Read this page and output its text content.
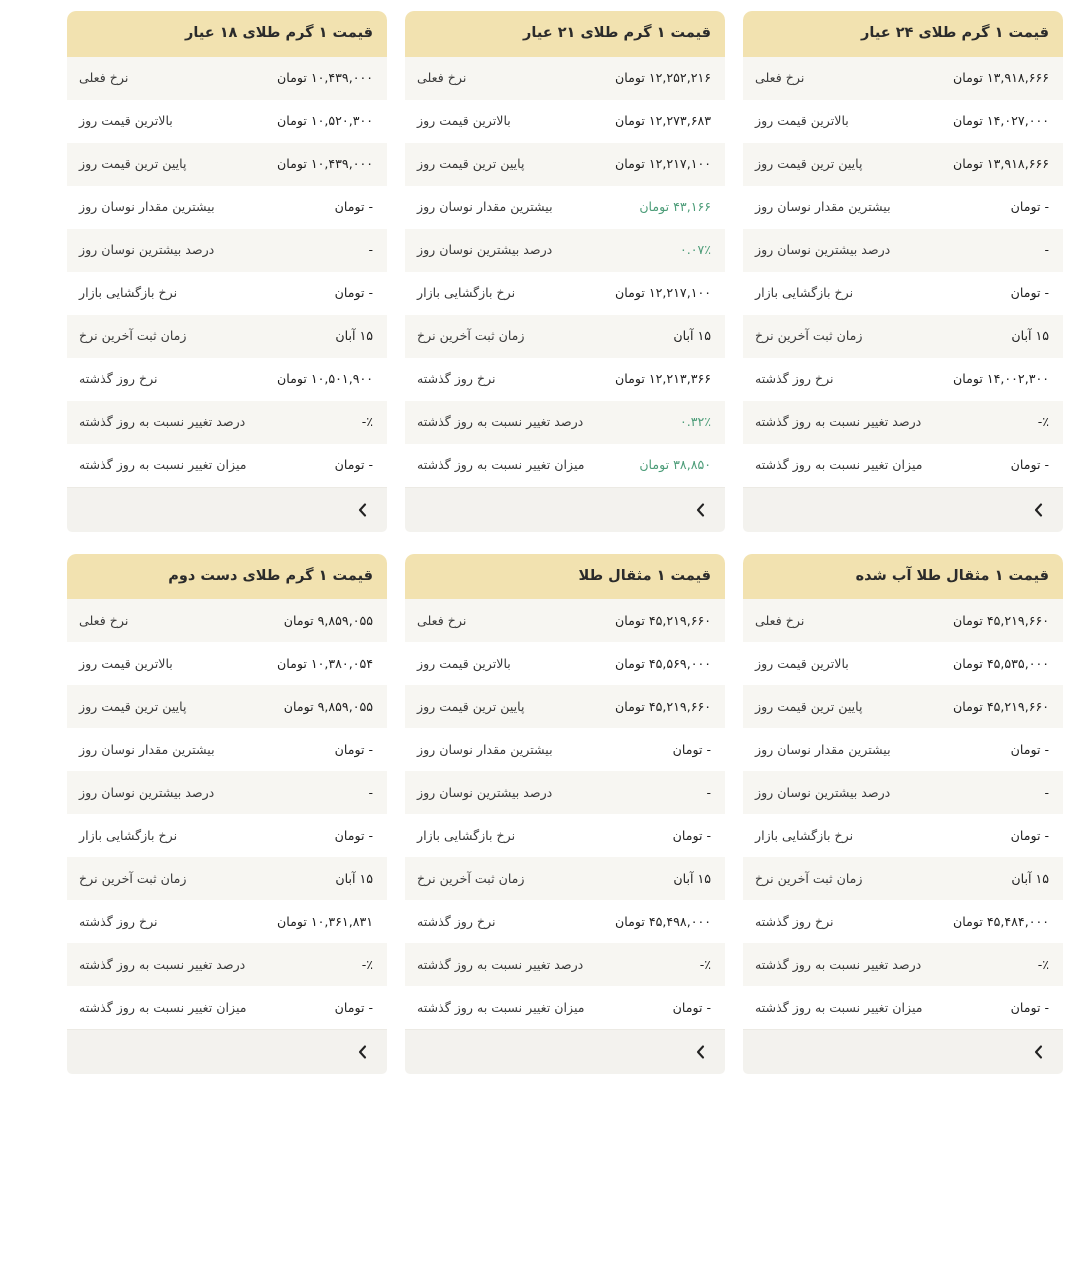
قیمت ۱ گرم طلای ۲۴ عیار
نرخ فعلی	۱۳,۹۱۸,۶۶۶ تومان
بالاترین قیمت روز	۱۴,۰۲۷,۰۰۰ تومان
پایین ترین قیمت روز	۱۳,۹۱۸,۶۶۶ تومان
بیشترین مقدار نوسان روز	- تومان
درصد بیشترین نوسان روز	-
نرخ بازگشایی بازار	- تومان
زمان ثبت آخرین نرخ	۱۵ آبان
نرخ روز گذشته	۱۴,۰۰۲,۳۰۰ تومان
درصد تغییر نسبت به روز گذشته	-٪
میزان تغییر نسبت به روز گذشته	- تومان
قیمت ۱ گرم طلای ۲۱ عیار
نرخ فعلی	۱۲,۲۵۲,۲۱۶ تومان
بالاترین قیمت روز	۱۲,۲۷۳,۶۸۳ تومان
پایین ترین قیمت روز	۱۲,۲۱۷,۱۰۰ تومان
بیشترین مقدار نوسان روز	۴۳,۱۶۶ تومان
درصد بیشترین نوسان روز	۰.۰۷٪
نرخ بازگشایی بازار	۱۲,۲۱۷,۱۰۰ تومان
زمان ثبت آخرین نرخ	۱۵ آبان
نرخ روز گذشته	۱۲,۲۱۳,۳۶۶ تومان
درصد تغییر نسبت به روز گذشته	۰.۳۲٪
میزان تغییر نسبت به روز گذشته	۳۸,۸۵۰ تومان
قیمت ۱ گرم طلای ۱۸ عیار
نرخ فعلی	۱۰,۴۳۹,۰۰۰ تومان
بالاترین قیمت روز	۱۰,۵۲۰,۳۰۰ تومان
پایین ترین قیمت روز	۱۰,۴۳۹,۰۰۰ تومان
بیشترین مقدار نوسان روز	- تومان
درصد بیشترین نوسان روز	-
نرخ بازگشایی بازار	- تومان
زمان ثبت آخرین نرخ	۱۵ آبان
نرخ روز گذشته	۱۰,۵۰۱,۹۰۰ تومان
درصد تغییر نسبت به روز گذشته	-٪
میزان تغییر نسبت به روز گذشته	- تومان
قیمت ۱ مثقال طلا آب شده
نرخ فعلی	۴۵,۲۱۹,۶۶۰ تومان
بالاترین قیمت روز	۴۵,۵۳۵,۰۰۰ تومان
پایین ترین قیمت روز	۴۵,۲۱۹,۶۶۰ تومان
بیشترین مقدار نوسان روز	- تومان
درصد بیشترین نوسان روز	-
نرخ بازگشایی بازار	- تومان
زمان ثبت آخرین نرخ	۱۵ آبان
نرخ روز گذشته	۴۵,۴۸۴,۰۰۰ تومان
درصد تغییر نسبت به روز گذشته	-٪
میزان تغییر نسبت به روز گذشته	- تومان
قیمت ۱ مثقال طلا
نرخ فعلی	۴۵,۲۱۹,۶۶۰ تومان
بالاترین قیمت روز	۴۵,۵۶۹,۰۰۰ تومان
پایین ترین قیمت روز	۴۵,۲۱۹,۶۶۰ تومان
بیشترین مقدار نوسان روز	- تومان
درصد بیشترین نوسان روز	-
نرخ بازگشایی بازار	- تومان
زمان ثبت آخرین نرخ	۱۵ آبان
نرخ روز گذشته	۴۵,۴۹۸,۰۰۰ تومان
درصد تغییر نسبت به روز گذشته	-٪
میزان تغییر نسبت به روز گذشته	- تومان
قیمت ۱ گرم طلای دست دوم
نرخ فعلی	۹,۸۵۹,۰۵۵ تومان
بالاترین قیمت روز	۱۰,۳۸۰,۰۵۴ تومان
پایین ترین قیمت روز	۹,۸۵۹,۰۵۵ تومان
بیشترین مقدار نوسان روز	- تومان
درصد بیشترین نوسان روز	-
نرخ بازگشایی بازار	- تومان
زمان ثبت آخرین نرخ	۱۵ آبان
نرخ روز گذشته	۱۰,۳۶۱,۸۳۱ تومان
درصد تغییر نسبت به روز گذشته	-٪
میزان تغییر نسبت به روز گذشته	- تومان
